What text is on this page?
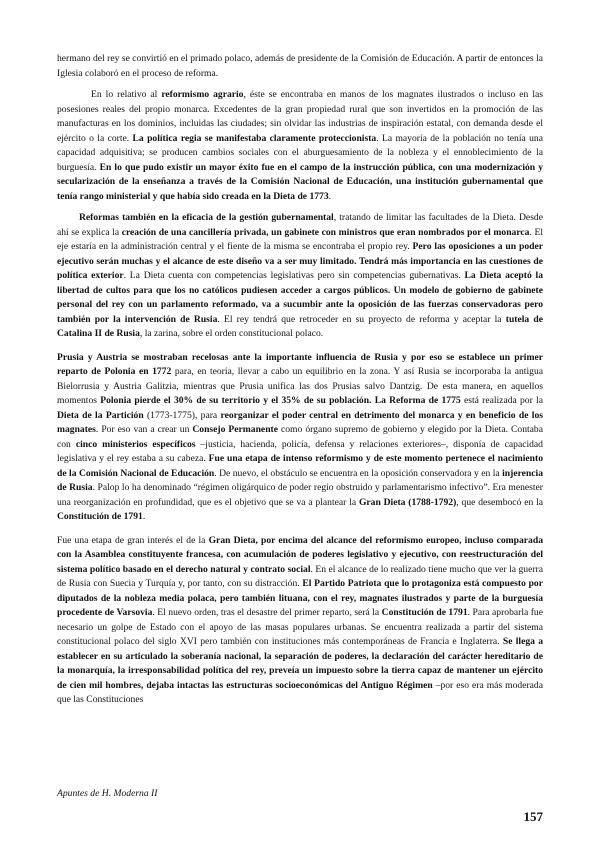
hermano del rey se convirtió en el primado polaco, además de presidente de la Comisión de Educación. A partir de entonces la Iglesia colaboró en el proceso de reforma.

En lo relativo al reformismo agrario, éste se encontraba en manos de los magnates ilustrados o incluso en las posesiones reales del propio monarca. Excedentes de la gran propiedad rural que son invertidos en la promoción de las manufacturas en los dominios, incluidas las ciudades; sin olvidar las industrias de inspiración estatal, con demanda desde el ejército o la corte. La política regia se manifestaba claramente proteccionista. La mayoría de la población no tenía una capacidad adquisitiva; se producen cambios sociales con el aburguesamiento de la nobleza y el ennoblecimiento de la burguesía. En lo que pudo existir un mayor éxito fue en el campo de la instrucción pública, con una modernización y secularización de la enseñanza a través de la Comisión Nacional de Educación, una institución gubernamental que tenía rango ministerial y que había sido creada en la Dieta de 1773.

Reformas también en la eficacia de la gestión gubernamental, tratando de limitar las facultades de la Dieta. Desde ahí se explica la creación de una cancillería privada, un gabinete con ministros que eran nombrados por el monarca. El eje estaría en la administración central y el fiente de la misma se encontraba el propio rey. Pero las oposiciones a un poder ejecutivo serán muchas y el alcance de este diseño va a ser muy limitado. Tendrá más importancia en las cuestiones de política exterior. La Dieta cuenta con competencias legislativas pero sin competencias gubernativas. La Dieta aceptó la libertad de cultos para que los no católicos pudiesen acceder a cargos públicos. Un modelo de gobierno de gabinete personal del rey con un parlamento reformado, va a sucumbir ante la oposición de las fuerzas conservadoras pero también por la intervención de Rusia. El rey tendrá que retroceder en su proyecto de reforma y aceptar la tutela de Catalina II de Rusia, la zarina, sobre el orden constitucional polaco.

Prusia y Austria se mostraban recelosas ante la importante influencia de Rusia y por eso se establece un primer reparto de Polonia en 1772 para, en teoría, llevar a cabo un equilibrio en la zona. Y así Rusia se incorporaba la antigua Bielorrusia y Austria Galitzia, mientras que Prusia unifica las dos Prusias salvo Dantzig. De esta manera, en aquellos momentos Polonia pierde el 30% de su territorio y el 35% de su población. La Reforma de 1775 está realizada por la Dieta de la Partición (1773-1775), para reorganizar el poder central en detrimento del monarca y en beneficio de los magnates. Por eso van a crear un Consejo Permanente como órgano supremo de gobierno y elegido por la Dieta. Contaba con cinco ministerios específicos –justicia, hacienda, policía, defensa y relaciones exteriores–, disponía de capacidad legislativa y el rey estaba a su cabeza. Fue una etapa de intenso reformismo y de este momento pertenece el nacimiento de la Comisión Nacional de Educación. De nuevo, el obstáculo se encuentra en la oposición conservadora y en la injerencia de Rusia. Palop lo ha denominado “régimen oligárquico de poder regio obstruido y parlamentarismo infectivo”. Era menester una reorganización en profundidad, que es el objetivo que se va a plantear la Gran Dieta (1788-1792), que desembocó en la Constitución de 1791.

Fue una etapa de gran interés el de la Gran Dieta, por encima del alcance del reformismo europeo, incluso comparada con la Asamblea constituyente francesa, con acumulación de poderes legislativo y ejecutivo, con reestructuración del sistema político basado en el derecho natural y contrato social. En el alcance de lo realizado tiene mucho que ver la guerra de Rusia con Suecia y Turquía y, por tanto, con su distracción. El Partido Patriota que lo protagoniza está compuesto por diputados de la nobleza media polaca, pero también lituana, con el rey, magnates ilustrados y parte de la burguesía procedente de Varsovia. El nuevo orden, tras el desastre del primer reparto, será la Constitución de 1791. Para aprobarla fue necesario un golpe de Estado con el apoyo de las masas populares urbanas. Se encuentra realizada a partir del sistema constitucional polaco del siglo XVI pero también con instituciones más contemporáneas de Francia e Inglaterra. Se llega a establecer en su articulado la soberanía nacional, la separación de poderes, la declaración del carácter hereditario de la monarquía, la irresponsabilidad política del rey, preveía un impuesto sobre la tierra capaz de mantener un ejército de cien mil hombres, dejaba intactas las estructuras socioeconómicas del Antiguo Régimen –por eso era más moderada que las Constituciones

Apuntes de H. Moderna II
157
